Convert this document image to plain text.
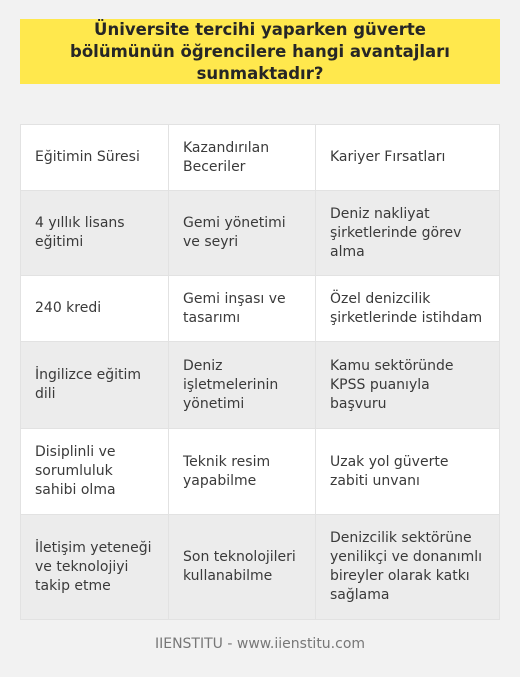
Üniversite tercihi yaparken güverte bölümünün öğrencilere hangi avantajları sunmaktadır?
Eğitimin Süresi
Kazandırılan Beceriler
Kariyer Fırsatları
4 yıllık lisans eğitimi
Gemi yönetimi ve seyri
Deniz nakliyat şirketlerinde görev alma
240 kredi
Gemi inşası ve tasarımı
Özel denizcilik şirketlerinde istihdam
İngilizce eğitim dili
Deniz işletmelerinin yönetimi
Kamu sektöründe KPSS puanıyla başvuru
Disiplinli ve sorumluluk sahibi olma
Teknik resim yapabilme
Uzak yol güverte zabiti unvanı
İletişim yeteneği ve teknolojiyi takip etme
Son teknolojileri kullanabilme
Denizcilik sektörüne yenilikçi ve donanımlı bireyler olarak katkı sağlama
IIENSTITU - www.iienstitu.com
